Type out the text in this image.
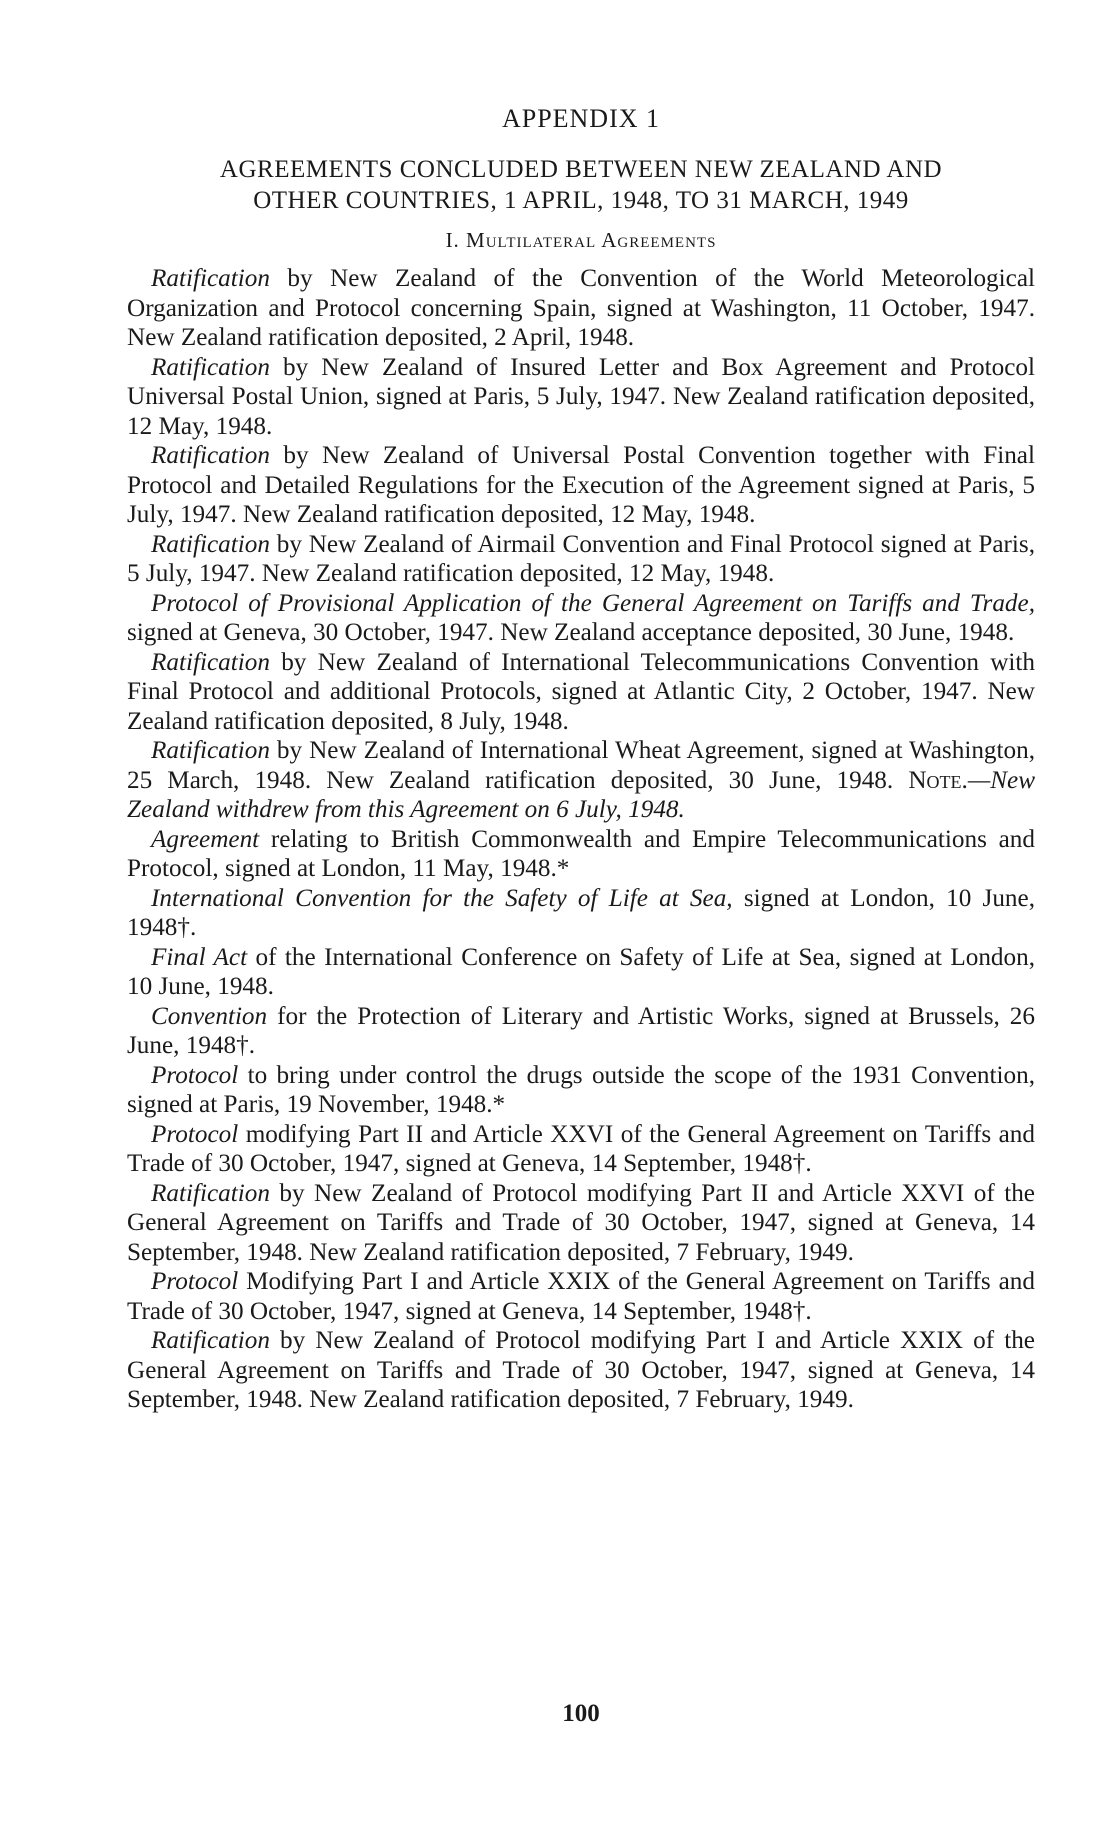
APPENDIX 1
AGREEMENTS CONCLUDED BETWEEN NEW ZEALAND AND
OTHER COUNTRIES, 1 APRIL, 1948, TO 31 MARCH, 1949
I. Multilateral Agreements

Ratification by New Zealand of the Convention of the World Meteorological Organization and Protocol concerning Spain, signed at Washington, 11 October, 1947. New Zealand ratification deposited, 2 April, 1948.

Ratification by New Zealand of Insured Letter and Box Agreement and Protocol Universal Postal Union, signed at Paris, 5 July, 1947. New Zealand ratification deposited, 12 May, 1948.

Ratification by New Zealand of Universal Postal Convention together with Final Protocol and Detailed Regulations for the Execution of the Agreement signed at Paris, 5 July, 1947. New Zealand ratification deposited, 12 May, 1948.

Ratification by New Zealand of Airmail Convention and Final Protocol signed at Paris, 5 July, 1947. New Zealand ratification deposited, 12 May, 1948.

Protocol of Provisional Application of the General Agreement on Tariffs and Trade, signed at Geneva, 30 October, 1947. New Zealand acceptance deposited, 30 June, 1948.

Ratification by New Zealand of International Telecommunications Convention with Final Protocol and additional Protocols, signed at Atlantic City, 2 October, 1947. New Zealand ratification deposited, 8 July, 1948.

Ratification by New Zealand of International Wheat Agreement, signed at Washington, 25 March, 1948. New Zealand ratification deposited, 30 June, 1948. Note.—New Zealand withdrew from this Agreement on 6 July, 1948.

Agreement relating to British Commonwealth and Empire Telecommunications and Protocol, signed at London, 11 May, 1948.*

International Convention for the Safety of Life at Sea, signed at London, 10 June, 1948†.

Final Act of the International Conference on Safety of Life at Sea, signed at London, 10 June, 1948.

Convention for the Protection of Literary and Artistic Works, signed at Brussels, 26 June, 1948†.

Protocol to bring under control the drugs outside the scope of the 1931 Convention, signed at Paris, 19 November, 1948.*

Protocol modifying Part II and Article XXVI of the General Agreement on Tariffs and Trade of 30 October, 1947, signed at Geneva, 14 September, 1948†.

Ratification by New Zealand of Protocol modifying Part II and Article XXVI of the General Agreement on Tariffs and Trade of 30 October, 1947, signed at Geneva, 14 September, 1948. New Zealand ratification deposited, 7 February, 1949.

Protocol Modifying Part I and Article XXIX of the General Agreement on Tariffs and Trade of 30 October, 1947, signed at Geneva, 14 September, 1948†.

Ratification by New Zealand of Protocol modifying Part I and Article XXIX of the General Agreement on Tariffs and Trade of 30 October, 1947, signed at Geneva, 14 September, 1948. New Zealand ratification deposited, 7 February, 1949.

100
